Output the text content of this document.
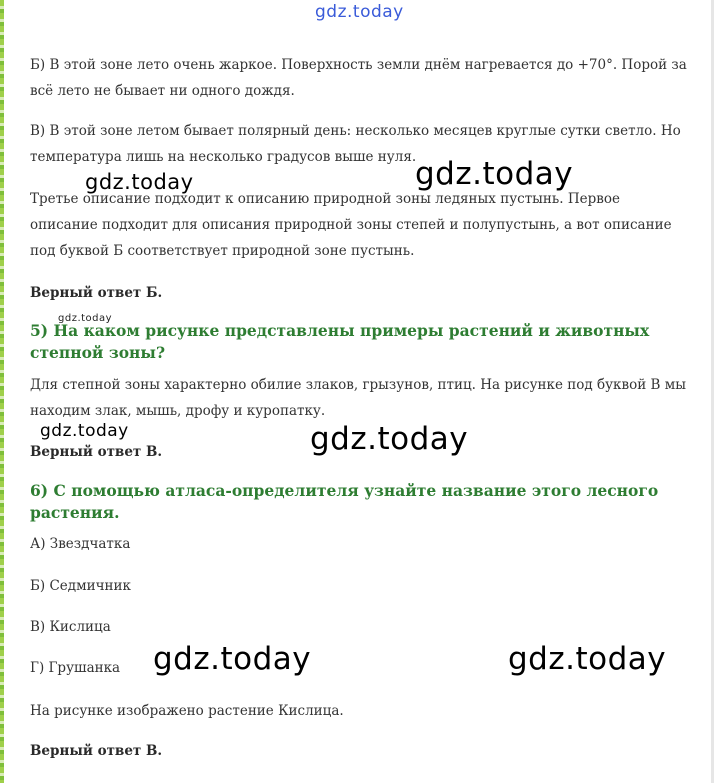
Б) В этой зоне лето очень жаркое. Поверхность земли днём нагревается до +70°. Порой за всё лето не бывает ни одного дождя.

В) В этой зоне летом бывает полярный день: несколько месяцев круглые сутки светло. Но температура лишь на несколько градусов выше нуля.

Третье описание подходит к описанию природной зоны ледяных пустынь. Первое описание подходит для описания природной зоны степей и полупустынь, а вот описание под буквой Б соответствует природной зоне пустынь.

Верный ответ Б.

5) На каком рисунке представлены примеры растений и животных степной зоны?

Для степной зоны характерно обилие злаков, грызунов, птиц. На рисунке под буквой В мы находим злак, мышь, дрофу и куропатку.

Верный ответ В.

6) С помощью атласа-определителя узнайте название этого лесного растения.

А) Звездчатка

Б) Седмичник

В) Кислица

Г) Грушанка

На рисунке изображено растение Кислица.

Верный ответ В.

gdz.today
gdz.today	gdz.today
gdz.today
gdz.today	gdz.today
gdz.today	gdz.today
